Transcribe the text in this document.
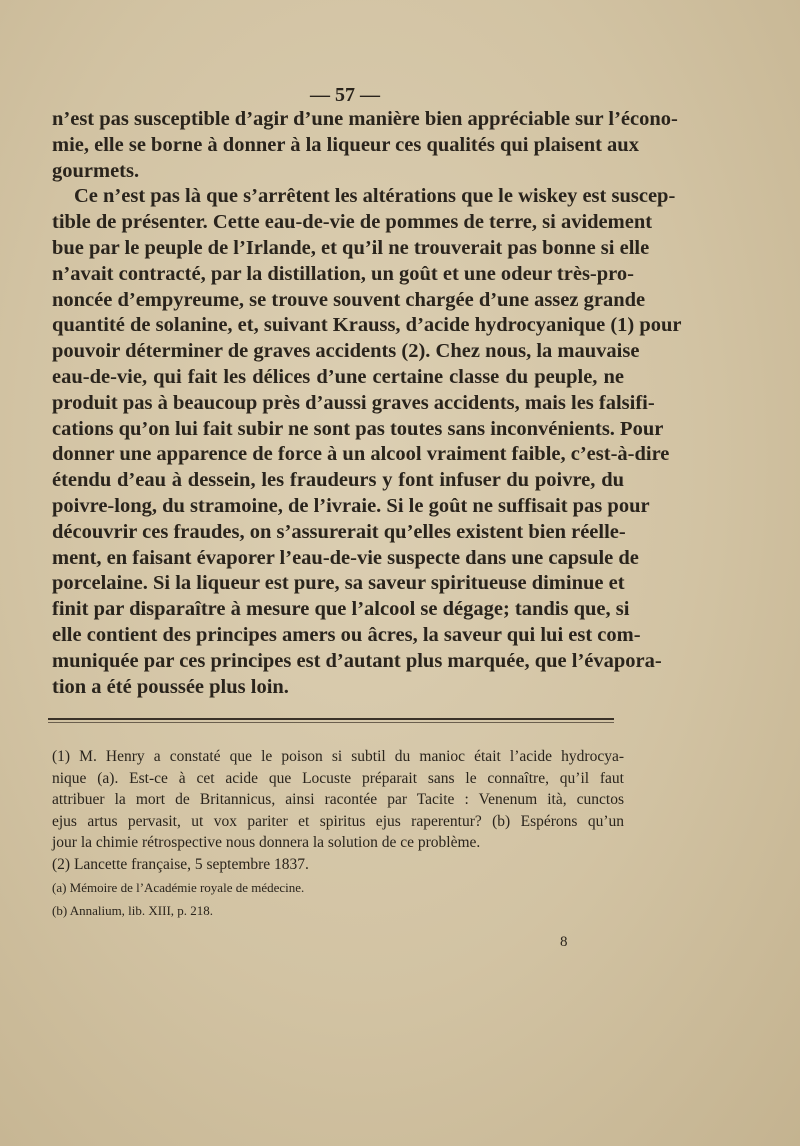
— 57 —
n’est pas susceptible d’agir d’une manière bien appréciable sur l’écono-
mie, elle se borne à donner à la liqueur ces qualités qui plaisent aux
gourmets.
Ce n’est pas là que s’arrêtent les altérations que le wiskey est suscep-
tible de présenter. Cette eau-de-vie de pommes de terre, si avidement
bue par le peuple de l’Irlande, et qu’il ne trouverait pas bonne si elle
n’avait contracté, par la distillation, un goût et une odeur très-pro-
noncée d’empyreume, se trouve souvent chargée d’une assez grande
quantité de solanine, et, suivant Krauss, d’acide hydrocyanique (1) pour
pouvoir déterminer de graves accidents (2). Chez nous, la mauvaise
eau-de-vie, qui fait les délices d’une certaine classe du peuple, ne
produit pas à beaucoup près d’aussi graves accidents, mais les falsifi-
cations qu’on lui fait subir ne sont pas toutes sans inconvénients. Pour
donner une apparence de force à un alcool vraiment faible, c’est-à-dire
étendu d’eau à dessein, les fraudeurs y font infuser du poivre, du
poivre-long, du stramoine, de l’ivraie. Si le goût ne suffisait pas pour
découvrir ces fraudes, on s’assurerait qu’elles existent bien réelle-
ment, en faisant évaporer l’eau-de-vie suspecte dans une capsule de
porcelaine. Si la liqueur est pure, sa saveur spiritueuse diminue et
finit par disparaître à mesure que l’alcool se dégage; tandis que, si
elle contient des principes amers ou âcres, la saveur qui lui est com-
muniquée par ces principes est d’autant plus marquée, que l’évapora-
tion a été poussée plus loin.
(1) M. Henry a constaté que le poison si subtil du manioc était l’acide hydrocya-
nique (a). Est-ce à cet acide que Locuste préparait sans le connaître, qu’il faut
attribuer la mort de Britannicus, ainsi racontée par Tacite : Venenum ità, cunctos
ejus artus pervasit, ut vox pariter et spiritus ejus raperentur? (b) Espérons qu’un
jour la chimie rétrospective nous donnera la solution de ce problème.
(2) Lancette française, 5 septembre 1837.
(a) Mémoire de l’Académie royale de médecine.
(b) Annalium, lib. XIII, p. 218.
8
